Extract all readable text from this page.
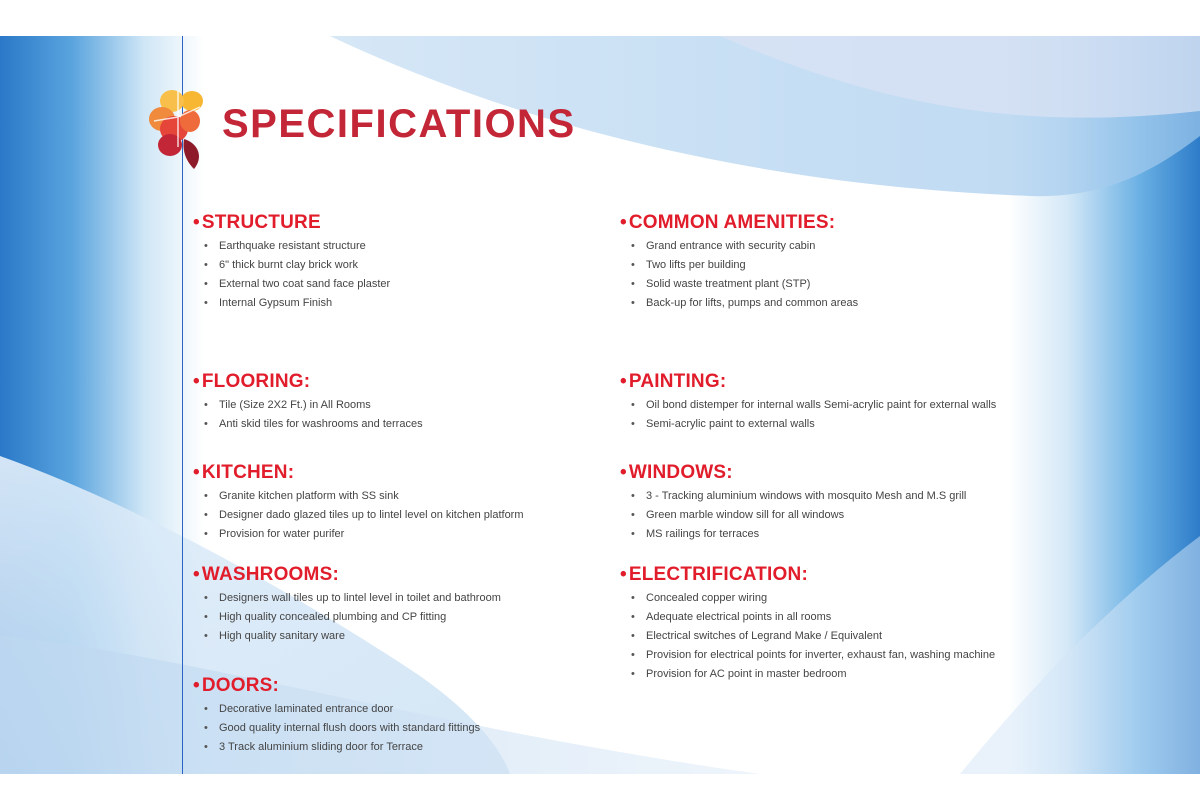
SPECIFICATIONS
• STRUCTURE
• Earthquake resistant structure
• 6" thick burnt clay brick work
• External two coat sand face plaster
• Internal Gypsum Finish
• FLOORING:
• Tile (Size 2X2 Ft.) in All Rooms
• Anti skid tiles for washrooms and terraces
• KITCHEN:
• Granite kitchen platform with SS sink
• Designer dado glazed tiles up to lintel level on kitchen platform
• Provision for water purifer
• WASHROOMS:
• Designers wall tiles up to lintel level in toilet and bathroom
• High quality concealed plumbing and CP fitting
• High quality sanitary ware
• DOORS:
• Decorative laminated entrance door
• Good quality internal flush doors with standard fittings
• 3 Track aluminium sliding door for Terrace
• COMMON AMENITIES:
• Grand entrance with security cabin
• Two lifts per building
• Solid waste treatment plant (STP)
• Back-up for lifts, pumps and common areas
• PAINTING:
• Oil bond distemper for internal walls Semi-acrylic paint for external walls
• Semi-acrylic paint to external walls
• WINDOWS:
• 3 - Tracking aluminium windows with mosquito Mesh and M.S grill
• Green marble window sill for all windows
• MS railings for terraces
• ELECTRIFICATION:
• Concealed copper wiring
• Adequate electrical points in all rooms
• Electrical switches of Legrand Make / Equivalent
• Provision for electrical points for inverter, exhaust fan, washing machine
• Provision for AC point in master bedroom
